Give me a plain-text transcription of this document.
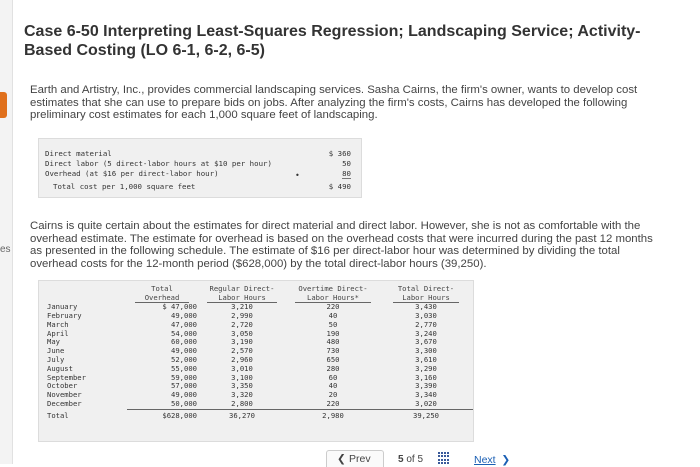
es
Case 6-50 Interpreting Least-Squares Regression; Landscaping Service; Activity-Based Costing (LO 6-1, 6-2, 6-5)

Earth and Artistry, Inc., provides commercial landscaping services. Sasha Cairns, the firm's owner, wants to develop cost estimates that she can use to prepare bids on jobs. After analyzing the firm's costs, Cairns has developed the following preliminary cost estimates for each 1,000 square feet of landscaping.

Direct material	$ 360
Direct labor (5 direct-labor hours at $10 per hour)	50
Overhead (at $16 per direct-labor hour)	•	80
Total cost per 1,000 square feet	$ 490

Cairns is quite certain about the estimates for direct material and direct labor. However, she is not as comfortable with the overhead estimate. The estimate for overhead is based on the overhead costs that were incurred during the past 12 months as presented in the following schedule. The estimate of $16 per direct-labor hour was determined by dividing the total overhead costs for the 12-month period ($628,000) by the total direct-labor hours (39,250).

	Total Overhead	Regular Direct-Labor Hours	Overtime Direct-Labor Hours*	Total Direct-Labor Hours
January	$ 47,000	3,210	220	3,430
February	49,000	2,990	40	3,030
March	47,000	2,720	50	2,770
April	54,000	3,050	190	3,240
May	60,000	3,190	480	3,670
June	49,000	2,570	730	3,300
July	52,000	2,960	650	3,610
August	55,000	3,010	280	3,290
September	59,000	3,100	60	3,160
October	57,000	3,350	40	3,390
November	49,000	3,320	20	3,340
December	50,000	2,800	220	3,020
Total	$628,000	36,270	2,980	39,250
❮ Prev	5 of 5	Next  ❯
